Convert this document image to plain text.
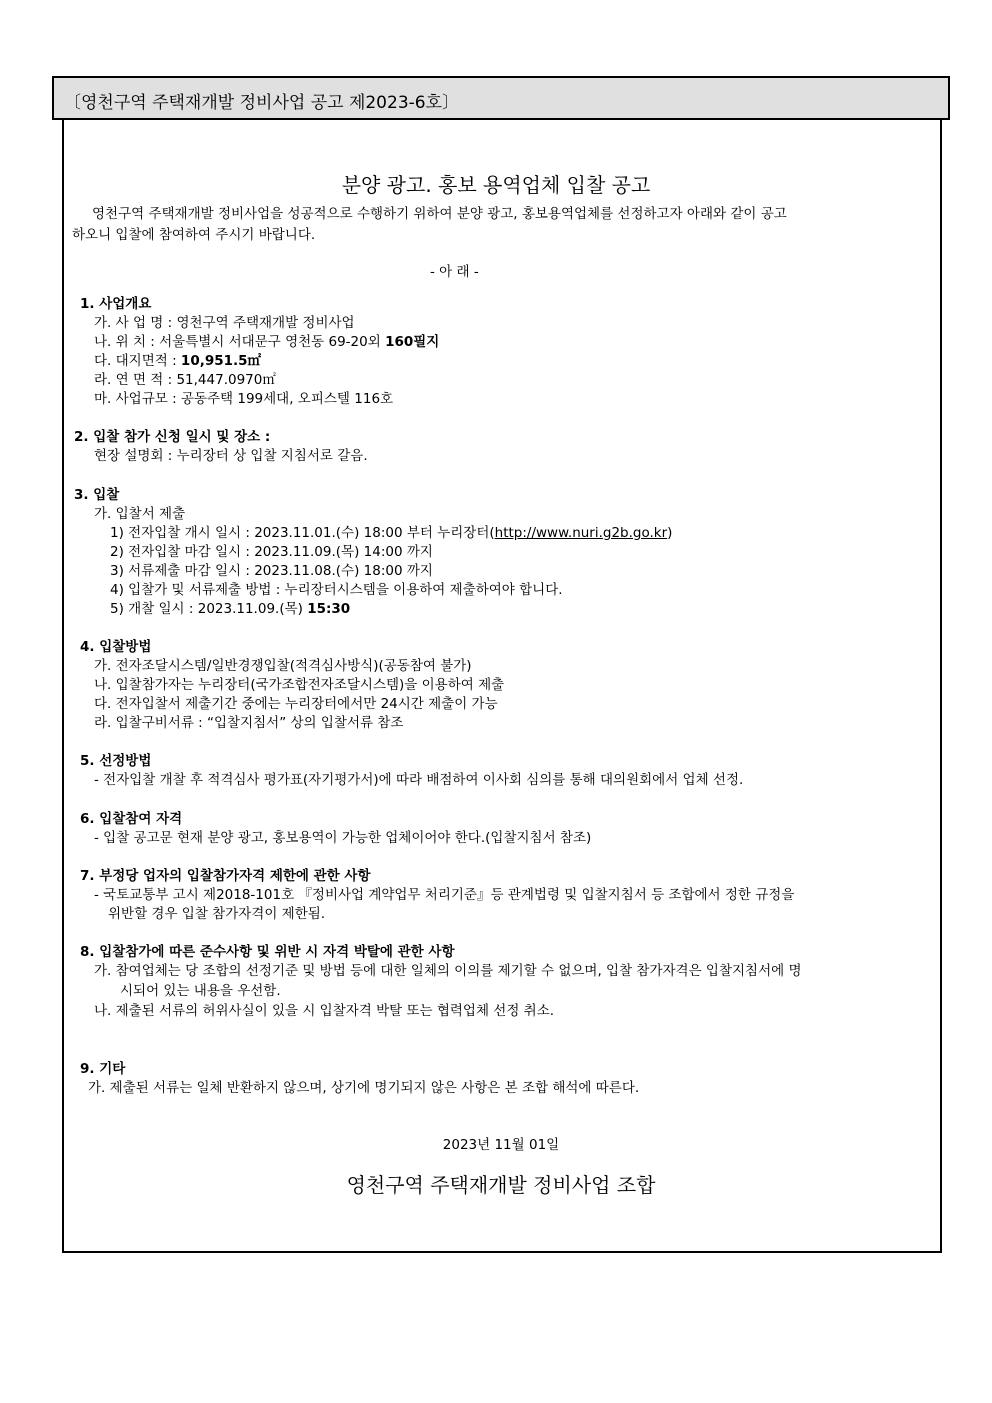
〔영천구역 주택재개발 정비사업 공고 제2023-6호〕
분양 광고. 홍보 용역업체 입찰 공고
영천구역 주택재개발 정비사업을 성공적으로 수행하기 위하여 분양 광고, 홍보용역업체를 선정하고자 아래와 같이 공고
하오니 입찰에 참여하여 주시기 바랍니다.
- 아 래 -
1. 사업개요
가. 사 업 명 : 영천구역 주택재개발 정비사업
나. 위 치 : 서울특별시 서대문구 영천동 69-20외 160필지
다. 대지면적 : 10,951.5㎡
라. 연 면 적 : 51,447.0970㎡
마. 사업규모 : 공동주택 199세대, 오피스텔 116호
2. 입찰 참가 신청 일시 및 장소 :
현장 설명회 : 누리장터 상 입찰 지침서로 갈음.
3. 입찰
가. 입찰서 제출
1) 전자입찰 개시 일시 : 2023.11.01.(수) 18:00 부터 누리장터(http://www.nuri.g2b.go.kr)
2) 전자입찰 마감 일시 : 2023.11.09.(목) 14:00 까지
3) 서류제출 마감 일시 : 2023.11.08.(수) 18:00 까지
4) 입찰가 및 서류제출 방법 : 누리장터시스템을 이용하여 제출하여야 합니다.
5) 개찰 일시 : 2023.11.09.(목) 15:30
4. 입찰방법
가. 전자조달시스템/일반경쟁입찰(적격심사방식)(공동참여 불가)
나. 입찰참가자는 누리장터(국가조합전자조달시스템)을 이용하여 제출
다. 전자입찰서 제출기간 중에는 누리장터에서만 24시간 제출이 가능
라. 입찰구비서류 : “입찰지침서” 상의 입찰서류 참조
5. 선정방법
- 전자입찰 개찰 후 적격심사 평가표(자기평가서)에 따라 배점하여 이사회 심의를 통해 대의원회에서 업체 선정.
6. 입찰참여 자격
- 입찰 공고문 현재 분양 광고, 홍보용역이 가능한 업체이어야 한다.(입찰지침서 참조)
7. 부정당 업자의 입찰참가자격 제한에 관한 사항
- 국토교통부 고시 제2018-101호 『정비사업 계약업무 처리기준』등 관계법령 및 입찰지침서 등 조합에서 정한 규정을
위반할 경우 입찰 참가자격이 제한됨.
8. 입찰참가에 따른 준수사항 및 위반 시 자격 박탈에 관한 사항
가. 참여업체는 당 조합의 선정기준 및 방법 등에 대한 일체의 이의를 제기할 수 없으며, 입찰 참가자격은 입찰지침서에 명
시되어 있는 내용을 우선함.
나. 제출된 서류의 허위사실이 있을 시 입찰자격 박탈 또는 협력업체 선정 취소.
9. 기타
가. 제출된 서류는 일체 반환하지 않으며, 상기에 명기되지 않은 사항은 본 조합 해석에 따른다.
2023년 11월 01일
영천구역 주택재개발 정비사업 조합
